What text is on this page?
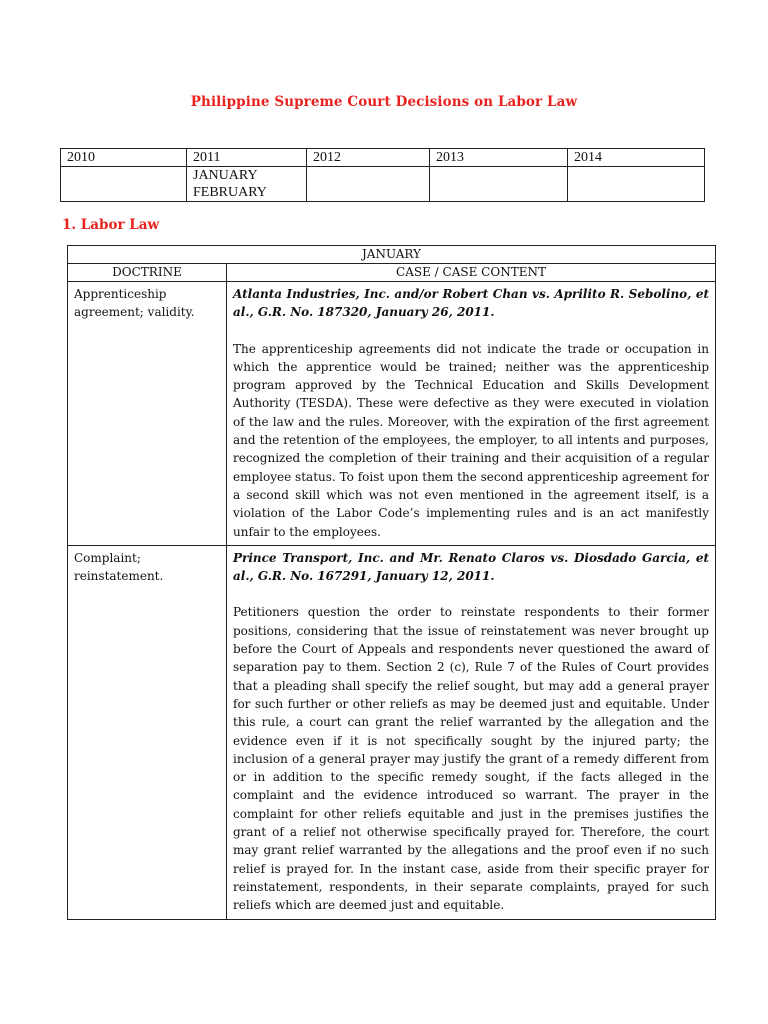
Philippine Supreme Court Decisions on Labor Law
2010	2011	2012	2013	2014

	JANUARY
FEBRUARY			

1. Labor Law
JANUARY	
DOCTRINE	CASE / CASE CONTENT
Apprenticeship agreement; validity.	Atlanta Industries, Inc. and/or Robert Chan vs. Aprilito R. Sebolino, et al., G.R. No. 187320, January 26, 2011.
The apprenticeship agreements did not indicate the trade or occupation in which the apprentice would be trained; neither was the apprenticeship program approved by the Technical Education and Skills Development Authority (TESDA). These were defective as they were executed in violation of the law and the rules. Moreover, with the expiration of the first agreement and the retention of the employees, the employer, to all intents and purposes, recognized the completion of their training and their acquisition of a regular employee status. To foist upon them the second apprenticeship agreement for a second skill which was not even mentioned in the agreement itself, is a violation of the Labor Code’s implementing rules and is an act manifestly unfair to the employees.

Complaint; reinstatement.	Prince Transport, Inc. and Mr. Renato Claros vs. Diosdado Garcia, et al., G.R. No. 167291, January 12, 2011.
Petitioners question the order to reinstate respondents to their former positions, considering that the issue of reinstatement was never brought up before the Court of Appeals and respondents never questioned the award of separation pay to them. Section 2 (c), Rule 7 of the Rules of Court provides that a pleading shall specify the relief sought, but may add a general prayer for such further or other reliefs as may be deemed just and equitable. Under this rule, a court can grant the relief warranted by the allegation and the evidence even if it is not specifically sought by the injured party; the inclusion of a general prayer may justify the grant of a remedy different from or in addition to the specific remedy sought, if the facts alleged in the complaint and the evidence introduced so warrant. The prayer in the complaint for other reliefs equitable and just in the premises justifies the grant of a relief not otherwise specifically prayed for. Therefore, the court may grant relief warranted by the allegations and the proof even if no such relief is prayed for. In the instant case, aside from their specific prayer for reinstatement, respondents, in their separate complaints, prayed for such reliefs which are deemed just and equitable.
